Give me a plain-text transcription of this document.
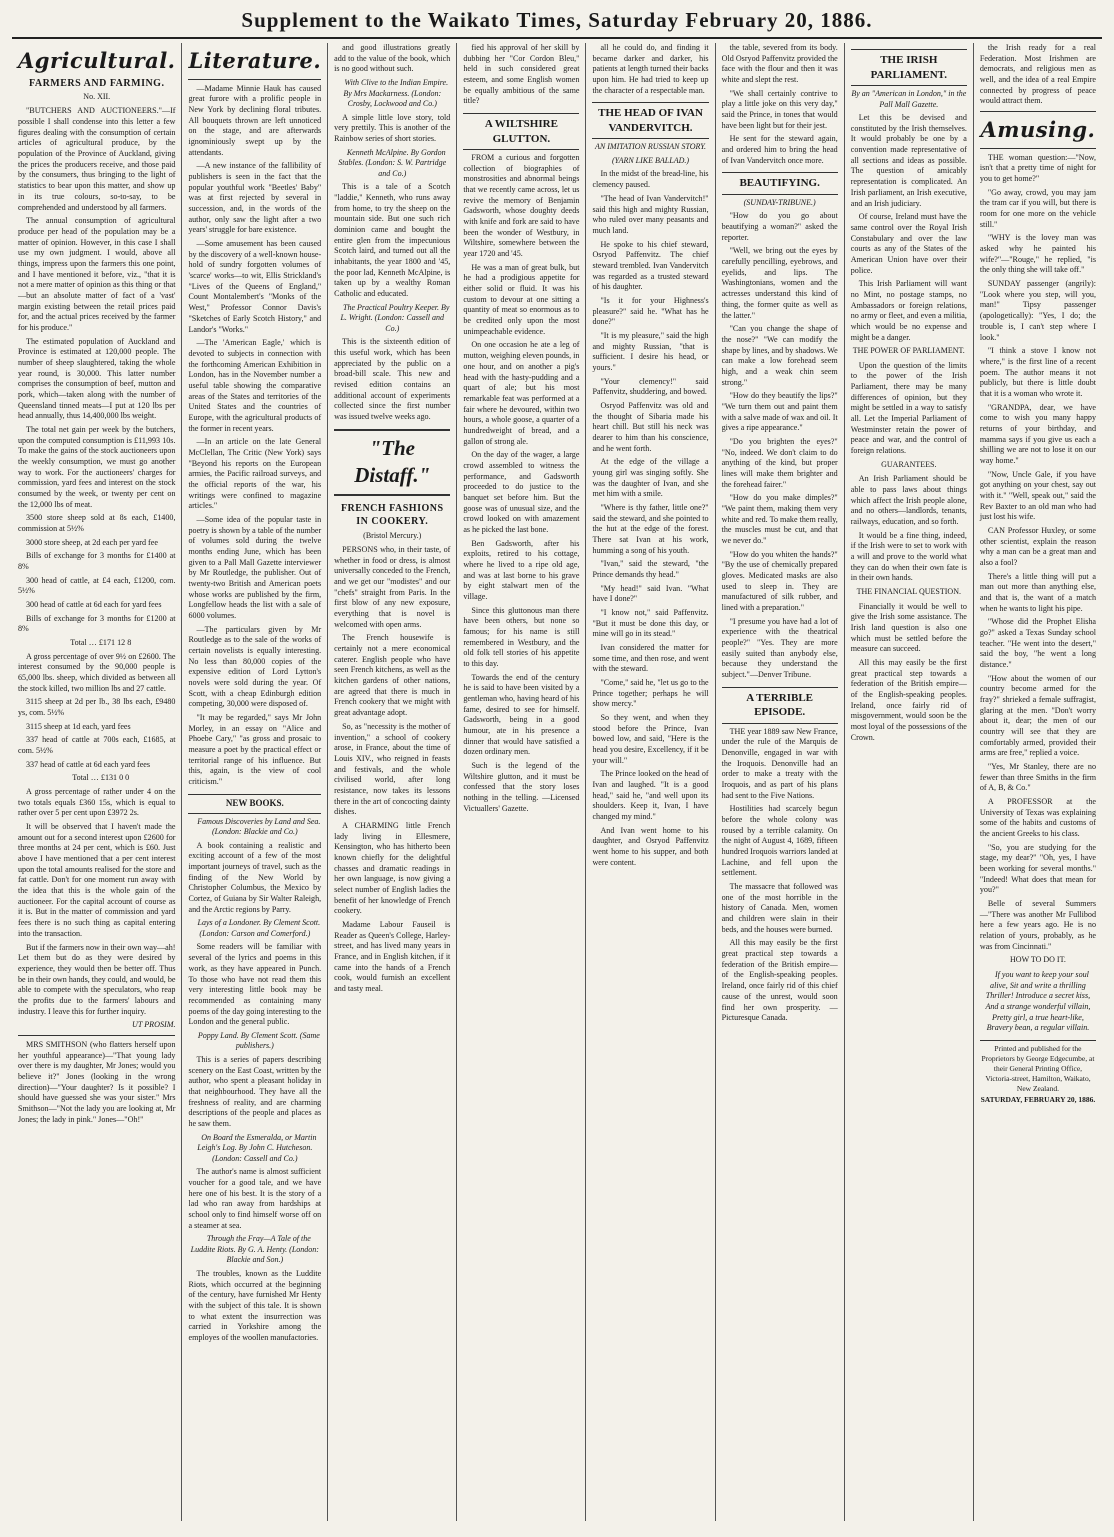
Supplement to the Waikato Times, Saturday February 20, 1886.
Agricultural.
FARMERS AND FARMING.
No. XII.

"BUTCHERS AND AUCTIONEERS."—If possible I shall condense into this letter a few figures dealing with the consumption of certain articles of agricultural produce, by the population of the Province of Auckland, giving the prices the producers receive, and those paid by the consumers, thus bringing to the light of statistics to bear upon this matter, and show up in its true colours, so-to-say, to be comprehended and understood by all farmers.

The annual consumption of agricultural produce per head of the population may be a matter of opinion. However, in this case I shall use my own judgment. I would, above all things, impress upon the farmers this one point, and I have mentioned it before, viz., "that it is not a mere matter of opinion as this thing or that—but an absolute matter of fact of a 'vast' margin existing between the retail prices paid for, and the actual prices received by the farmer for his produce."

The estimated population of Auckland and Province is estimated at 120,000 people. The number of sheep slaughtered, taking the whole year round, is 30,000. This latter number comprises the consumption of beef, mutton and pork, which—taken along with the number of Queensland tinned meats—I put at 120 lbs per head annually, thus 14,400,000 lbs weight.

The total net gain per week by the butchers, upon the computed consumption is £11,993 10s. To make the gains of the stock auctioneers upon the weekly consumption, we must go another way to work. For the auctioneers' charges for commission, yard fees and interest on the stock consumed by the week, or twenty per cent on the 12,000 lbs of meat.

3500 store sheep sold at 8s each, £1400, commission at 5½%

3000 store sheep, at 2d each per yard fee

Bills of exchange for 3 months for £1400 at 8%

300 head of cattle, at £4 each, £1200, com. 5½%

300 head of cattle at 6d each for yard fees

Bills of exchange for 3 months for £1200 at 8%

Total … £171 12 8

A gross percentage of over 9½ on £2600. The interest consumed by the 90,000 people is 65,000 lbs. sheep, which divided as between all the stock killed, two million lbs and 27 cattle.

3115 sheep at 2d per lb., 38 lbs each, £9480 ys, com. 5½%

3115 sheep at 1d each, yard fees

337 head of cattle at 700s each, £1685, at com. 5½%

337 head of cattle at 6d each yard fees

Total … £131 0 0

A gross percentage of rather under 4 on the two totals equals £360 15s, which is equal to rather over 5 per cent upon £3972 2s.

It will be observed that I haven't made the amount out for a second interest upon £2600 for three months at 24 per cent, which is £60. Just above I have mentioned that a per cent interest upon the total amounts realised for the store and fat cattle. Don't for one moment run away with the idea that this is the whole gain of the auctioneer. For the capital account of course as it is. But in the matter of commission and yard fees there is no such thing as capital entering into the transaction.

But if the farmers now in their own way—ah! Let them but do as they were desired by experience, they would then be better off. Thus be in their own hands, they could, and would, be able to compete with the speculators, who reap the profits due to the farmers' labours and industry. I leave this for further inquiry.

UT PROSIM.

MRS SMITHSON (who flatters herself upon her youthful appearance)—"That young lady over there is my daughter, Mr Jones; would you believe it?" Jones (looking in the wrong direction)—"Your daughter? Is it possible? I should have guessed she was your sister." Mrs Smithson—"Not the lady you are looking at, Mr Jones; the lady in pink." Jones—"Oh!"

Literature.

—Madame Minnie Hauk has caused great furore with a prolific people in New York by declining floral tributes. All bouquets thrown are left unnoticed on the stage, and are afterwards ignominiously swept up by the attendants.

—A new instance of the fallibility of publishers is seen in the fact that the popular youthful work "Beetles' Baby" was at first rejected by several in succession, and, in the words of the author, only saw the light after a two years' struggle for bare existence.

—Some amusement has been caused by the discovery of a well-known house-hold of sundry forgotten volumes of 'scarce' works—to wit, Ellis Strickland's "Lives of the Queens of England," Count Montalembert's "Monks of the West," Professor Connor Davis's "Sketches of Early Scotch History," and Landor's "Works."

—The 'American Eagle,' which is devoted to subjects in connection with the forthcoming American Exhibition in London, has in the November number a useful table showing the comparative areas of the States and territories of the United States and the countries of Europe, with the agricultural products of the former in recent years.

—In an article on the late General McClellan, The Critic (New York) says "Beyond his reports on the European armies, the Pacific railroad surveys, and the official reports of the war, his writings were confined to magazine articles."

—Some idea of the popular taste in poetry is shown by a table of the number of volumes sold during the twelve months ending June, which has been given to a Pall Mall Gazette interviewer by Mr Routledge, the publisher. Out of twenty-two British and American poets whose works are published by the firm, Longfellow heads the list with a sale of 6000 volumes.

—The particulars given by Mr Routledge as to the sale of the works of certain novelists is equally interesting. No less than 80,000 copies of the expensive edition of Lord Lytton's novels were sold during the year. Of Scott, with a cheap Edinburgh edition competing, 30,000 were disposed of.

"It may be regarded," says Mr John Morley, in an essay on "Alice and Phoebe Cary," "as gross and prosaic to measure a poet by the practical effect or territorial range of his influence. But this, again, is the view of cool criticism."

NEW BOOKS.

Famous Discoveries by Land and Sea. (London: Blackie and Co.)

A book containing a realistic and exciting account of a few of the most important journeys of travel, such as the finding of the New World by Christopher Columbus, the Mexico by Cortez, of Guiana by Sir Walter Raleigh, and the Arctic regions by Parry.

Lays of a Londoner. By Clement Scott. (London: Carson and Comerford.)

Some readers will be familiar with several of the lyrics and poems in this work, as they have appeared in Punch. To those who have not read them this very interesting little book may be recommended as containing many poems of the day going interesting to the London and the general public.

Poppy Land. By Clement Scott. (Same publishers.)

This is a series of papers describing scenery on the East Coast, written by the author, who spent a pleasant holiday in that neighbourhood. They have all the freshness of reality, and are charming descriptions of the people and places as he saw them.

On Board the Esmeralda, or Martin Leigh's Log. By John C. Hutcheson. (London: Cassell and Co.)

The author's name is almost sufficient voucher for a good tale, and we have here one of his best. It is the story of a lad who ran away from hardships at school only to find himself worse off on a steamer at sea.

Through the Fray—A Tale of the Luddite Riots. By G. A. Henty. (London: Blackie and Son.)

The troubles, known as the Luddite Riots, which occurred at the beginning of the century, have furnished Mr Henty with the subject of this tale. It is shown to what extent the insurrection was carried in Yorkshire among the employes of the woollen manufactories.

and good illustrations greatly add to the value of the book, which is no good without such.

With Clive to the Indian Empire. By Mrs Mackarness. (London: Crosby, Lockwood and Co.)

A simple little love story, told very prettily. This is another of the Rainbow series of short stories.

Kenneth McAlpine. By Gordon Stables. (London: S. W. Partridge and Co.)

This is a tale of a Scotch "laddie," Kenneth, who runs away from home, to try the sheep on the mountain side. But one such rich dominion came and bought the entire glen from the impecunious Scotch laird, and turned out all the inhabitants, the year 1800 and '45, the poor lad, Kenneth McAlpine, is taken up by a wealthy Roman Catholic and educated.

The Practical Poultry Keeper. By L. Wright. (London: Cassell and Co.)

This is the sixteenth edition of this useful work, which has been appreciated by the public on a broad-bill scale. This new and revised edition contains an additional account of experiments collected since the first number was issued twelve weeks ago.

"The Distaff."
FRENCH FASHIONS IN COOKERY.
(Bristol Mercury.)

PERSONS who, in their taste, of whether in food or dress, is almost universally conceded to the French, and we get our "modistes" and our "chefs" straight from Paris. In the first blow of any new exposure, everything that is novel is welcomed with open arms.

The French housewife is certainly not a mere economical caterer. English people who have seen French kitchens, as well as the kitchen gardens of other nations, are agreed that there is much in French cookery that we might with great advantage adopt.

So, as "necessity is the mother of invention," a school of cookery arose, in France, about the time of Louis XIV., who reigned in feasts and festivals, and the whole civilised world, after long resistance, now takes its lessons there in the art of concocting dainty dishes.

A CHARMING little French lady living in Ellesmere, Kensington, who has hitherto been known chiefly for the delightful chasses and dramatic readings in her own language, is now giving a select number of English ladies the benefit of her knowledge of French cookery.

Madame Labour Fauseil is Reader as Queen's College, Harley-street, and has lived many years in France, and in English kitchen, if it came into the hands of a French cook, would furnish an excellent and tasty meal.

fied his approval of her skill by dubbing her "Cor Cordon Bleu," held in such considered great esteem, and some English women be equally ambitious of the same title?

A WILTSHIRE GLUTTON.

FROM a curious and forgotten collection of biographies of monstrosities and abnormal beings that we recently came across, let us revive the memory of Benjamin Gadsworth, whose doughty deeds with knife and fork are said to have been the wonder of Westbury, in Wiltshire, somewhere between the year 1720 and '45.

He was a man of great bulk, but he had a prodigious appetite for either solid or fluid. It was his custom to devour at one sitting a quantity of meat so enormous as to be credited only upon the most unimpeachable evidence.

On one occasion he ate a leg of mutton, weighing eleven pounds, in one hour, and on another a pig's head with the hasty-pudding and a quart of ale; but his most remarkable feat was performed at a fair where he devoured, within two hours, a whole goose, a quarter of a hundredweight of bread, and a gallon of strong ale.

On the day of the wager, a large crowd assembled to witness the performance, and Gadsworth proceeded to do justice to the banquet set before him. But the goose was of unusual size, and the crowd looked on with amazement as he picked the last bone.

Ben Gadsworth, after his exploits, retired to his cottage, where he lived to a ripe old age, and was at last borne to his grave by eight stalwart men of the village.

Since this gluttonous man there have been others, but none so famous; for his name is still remembered in Westbury, and the old folk tell stories of his appetite to this day.

Towards the end of the century he is said to have been visited by a gentleman who, having heard of his fame, desired to see for himself. Gadsworth, being in a good humour, ate in his presence a dinner that would have satisfied a dozen ordinary men.

Such is the legend of the Wiltshire glutton, and it must be confessed that the story loses nothing in the telling. —Licensed Victuallers' Gazette.

all he could do, and finding it became darker and darker, his patients at length turned their backs upon him. He had tried to keep up the character of a respectable man.

THE HEAD OF IVAN VANDERVITCH.
AN IMITATION RUSSIAN STORY.
(YARN LIKE BALLAD.)

In the midst of the bread-line, his clemency paused.

"The head of Ivan Vandervitch!" said this high and mighty Russian, who ruled over many peasants and much land.

He spoke to his chief steward, Osryod Paffenvitz. The chief steward trembled. Ivan Vandervitch was regarded as a trusted steward of his daughter.

"Is it for your Highness's pleasure?" said he. "What has he done?"

"It is my pleasure," said the high and mighty Russian, "that is sufficient. I desire his head, or yours."

"Your clemency!" said Paffenvitz, shuddering, and bowed.

Osryod Paffenvitz was old and the thought of Sibaria made his heart chill. But still his neck was dearer to him than his conscience, and he went forth.

At the edge of the village a young girl was singing softly. She was the daughter of Ivan, and she met him with a smile.

"Where is thy father, little one?" said the steward, and she pointed to the hut at the edge of the forest. There sat Ivan at his work, humming a song of his youth.

"Ivan," said the steward, "the Prince demands thy head."

"My head!" said Ivan. "What have I done?"

"I know not," said Paffenvitz. "But it must be done this day, or mine will go in its stead."

Ivan considered the matter for some time, and then rose, and went with the steward.

"Come," said he, "let us go to the Prince together; perhaps he will show mercy."

So they went, and when they stood before the Prince, Ivan bowed low, and said, "Here is the head you desire, Excellency, if it be your will."

The Prince looked on the head of Ivan and laughed. "It is a good head," said he, "and well upon its shoulders. Keep it, Ivan, I have changed my mind."

And Ivan went home to his daughter, and Osryod Paffenvitz went home to his supper, and both were content.

the table, severed from its body. Old Osryod Paffenvitz provided the face with the flour and then it was white and slept the rest.

"We shall certainly contrive to play a little joke on this very day," said the Prince, in tones that would have been light but for their jest.

He sent for the steward again, and ordered him to bring the head of Ivan Vandervitch once more.

BEAUTIFYING.
(SUNDAY-TRIBUNE.)

"How do you go about beautifying a woman?" asked the reporter.

"Well, we bring out the eyes by carefully pencilling, eyebrows, and eyelids, and lips. The Washingtonians, women and the actresses understand this kind of thing, the former quite as well as the latter."

"Can you change the shape of the nose?" "We can modify the shape by lines, and by shadows. We can make a low forehead seem high, and a weak chin seem strong."

"How do they beautify the lips?" "We turn them out and paint them with a salve made of wax and oil. It gives a ripe appearance."

"Do you brighten the eyes?" "No, indeed. We don't claim to do anything of the kind, but proper lines will make them brighter and the forehead fairer."

"How do you make dimples?" "We paint them, making them very white and red. To make them really, the muscles must be cut, and that we never do."

"How do you whiten the hands?" "By the use of chemically prepared gloves. Medicated masks are also used to sleep in. They are manufactured of silk rubber, and lined with a preparation."

"I presume you have had a lot of experience with the theatrical people?" "Yes. They are more easily suited than anybody else, because they understand the subject."—Denver Tribune.

A TERRIBLE EPISODE.

THE year 1889 saw New France, under the rule of the Marquis de Denonville, engaged in war with the Iroquois. Denonville had an order to make a treaty with the Iroquois, and as part of his plans had sent to the Five Nations.

Hostilities had scarcely begun before the whole colony was roused by a terrible calamity. On the night of August 4, 1689, fifteen hundred Iroquois warriors landed at Lachine, and fell upon the settlement.

The massacre that followed was one of the most horrible in the history of Canada. Men, women and children were slain in their beds, and the houses were burned.

All this may easily be the first great practical step towards a federation of the British empire—of the English-speaking peoples. Ireland, once fairly rid of this chief cause of the unrest, would soon find her own prosperity. —Picturesque Canada.

THE IRISH PARLIAMENT.
By an "American in London," in the Pall Mall Gazette.

Let this be devised and constituted by the Irish themselves. It would probably be one by a convention made representative of all sections and ideas as possible. The question of amicably representation is complicated. An Irish parliament, an Irish executive, and an Irish judiciary.

Of course, Ireland must have the same control over the Royal Irish Constabulary and over the law courts as any of the States of the American Union have over their police.

This Irish Parliament will want no Mint, no postage stamps, no Ambassadors or foreign relations, no army or fleet, and even a militia, which would be no expense and might be a danger.

THE POWER OF PARLIAMENT.

Upon the question of the limits to the power of the Irish Parliament, there may be many differences of opinion, but they might be settled in a way to satisfy all. Let the Imperial Parliament of Westminster retain the power of peace and war, and the control of foreign relations.

GUARANTEES.

An Irish Parliament should be able to pass laws about things which affect the Irish people alone, and no others—landlords, tenants, railways, education, and so forth.

It would be a fine thing, indeed, if the Irish were to set to work with a will and prove to the world what they can do when their own fate is in their own hands.

THE FINANCIAL QUESTION.

Financially it would be well to give the Irish some assistance. The Irish land question is also one which must be settled before the measure can succeed.

All this may easily be the first great practical step towards a federation of the British empire—of the English-speaking peoples. Ireland, once fairly rid of misgovernment, would soon be the most loyal of the possessions of the Crown.

the Irish ready for a real Federation. Most Irishmen are democrats, and religious men as well, and the idea of a real Empire connected by progress of peace would attract them.

Amusing.

THE woman question:—"Now, isn't that a pretty time of night for you to get home?"

"Go away, crowd, you may jam the tram car if you will, but there is room for one more on the vehicle still."

"WHY is the lovey man was asked why he painted his wife?"—"Rouge," he replied, "is the only thing she will take off."

SUNDAY passenger (angrily): "Look where you step, will you, man!" Tipsy passenger (apologetically): "Yes, I do; the trouble is, I can't step where I look."

"I think a stove I know not where," is the first line of a recent poem. The author means it not publicly, but there is little doubt that it is a woman who wrote it.

"GRANDPA, dear, we have come to wish you many happy returns of your birthday, and mamma says if you give us each a shilling we are not to lose it on our way home."

"Now, Uncle Gale, if you have got anything on your chest, say out with it." "Well, speak out," said the Rev Baxter to an old man who had just lost his wife.

CAN Professor Huxley, or some other scientist, explain the reason why a man can be a great man and also a fool?

There's a little thing will put a man out more than anything else, and that is, the want of a match when he wants to light his pipe.

"Whose did the Prophet Elisha go?" asked a Texas Sunday school teacher. "He went into the desert," said the boy, "he went a long distance."

"How about the women of our country become armed for the fray?" shrieked a female suffragist, glaring at the men. "Don't worry about it, dear; the men of our country will see that they are comfortably armed, provided their arms are free," replied a voice.

"Yes, Mr Stanley, there are no fewer than three Smiths in the firm of A, B, & Co."

A PROFESSOR at the University of Texas was explaining some of the habits and customs of the ancient Greeks to his class.

"So, you are studying for the stage, my dear?" "Oh, yes, I have been working for several months." "Indeed! What does that mean for you?"

Belle of several Summers—"There was another Mr Fullibod here a few years ago. He is no relation of yours, probably, as he was from Cincinnati."

HOW TO DO IT.

If you want to keep your soul alive, Sit and write a thrilling Thriller! Introduce a secret kiss, And a strange wonderful villain, Pretty girl, a true heart-like, Bravery bean, a regular villain.

Printed and published for the Proprietors by George Edgecumbe, at their General Printing Office, Victoria-street, Hamilton, Waikato, New Zealand.
SATURDAY, FEBRUARY 20, 1886.
